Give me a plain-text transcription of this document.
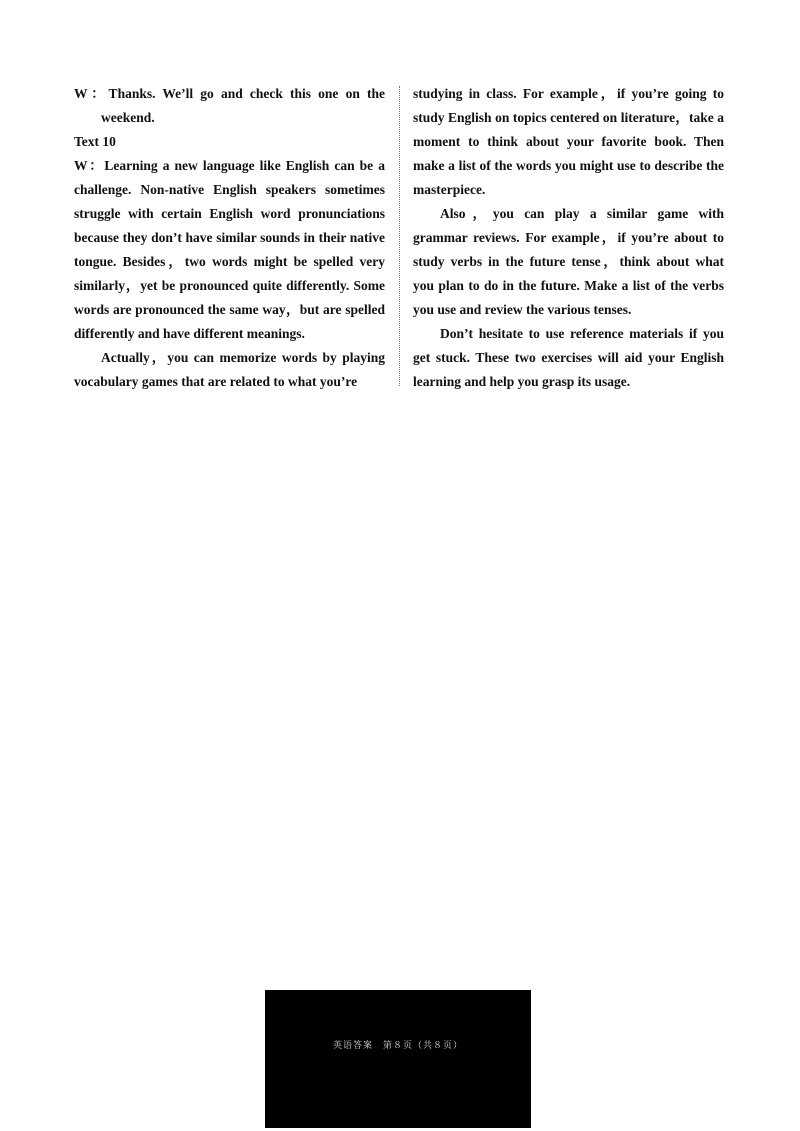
W：Thanks. We’ll go and check this one on the weekend.

Text 10

W：Learning a new language like English can be a challenge. Non-native English speakers sometimes struggle with certain English word pronunciations because they don’t have similar sounds in their native tongue. Besides，two words might be spelled very similarly，yet be pronounced quite differently. Some words are pronounced the same way，but are spelled differently and have different meanings.

Actually，you can memorize words by playing vocabulary games that are related to what you’re

studying in class. For example，if you’re going to study English on topics centered on literature，take a moment to think about your favorite book. Then make a list of the words you might use to describe the masterpiece.

Also，you can play a similar game with grammar reviews. For example，if you’re about to study verbs in the future tense，think about what you plan to do in the future. Make a list of the verbs you use and review the various tenses.

Don’t hesitate to use reference materials if you get stuck. These two exercises will aid your English learning and help you grasp its usage.

英语答案　第８页（共８页）
